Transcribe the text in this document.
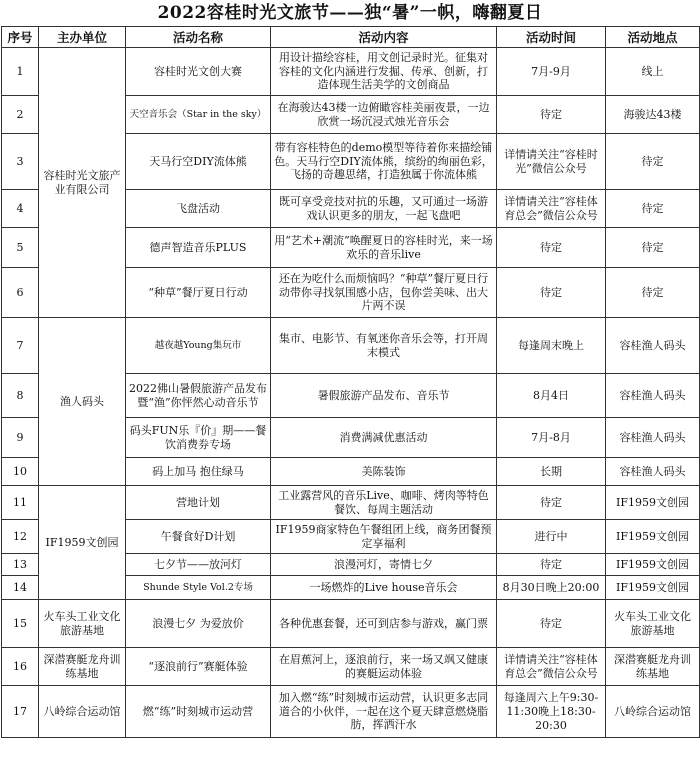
2022容桂时光文旅节——独“暑”一帜，嗨翻夏日
序号	主办单位	活动名称	活动内容	活动时间	活动地点
1	容桂时光文旅产业有限公司	容桂时光文创大赛	用设计描绘容桂，用文创记录时光。征集对容桂的文化内涵进行发掘、传承、创新，打造体现生活美学的文创商品	7月-9月	线上
2		天空音乐会（Star in the sky）	在海骏达43楼一边俯瞰容桂美丽夜景，一边欣赏一场沉浸式烛光音乐会	待定	海骏达43楼
3		天马行空DIY流体熊	带有容桂特色的demo模型等待着你来描绘铺色。天马行空DIY流体熊，缤纷的绚丽色彩，飞扬的奇趣思绪，打造独属于你流体熊	详情请关注“容桂时光”微信公众号	待定
4		飞盘活动	既可享受竞技对抗的乐趣，又可通过一场游戏认识更多的朋友，一起飞盘吧	详情请关注“容桂体育总会”微信公众号	待定
5		德声智造音乐PLUS	用“艺术+潮流”唤醒夏日的容桂时光，来一场欢乐的音乐live	待定	待定
6		“种草”餐厅夏日行动	还在为吃什么而烦恼吗？“种草”餐厅夏日行动带你寻找氛围感小店，包你尝美味、出大片两不误	待定	待定
7	渔人码头	越夜越Young集玩市	集市、电影节、有氧迷你音乐会等，打开周末模式	每逢周末晚上	容桂渔人码头
8		2022佛山暑假旅游产品发布 暨“渔”你怦然心动音乐节	暑假旅游产品发布、音乐节	8月4日	容桂渔人码头
9		码头FUN乐『价』期——餐饮消费券专场	消费满减优惠活动	7月-8月	容桂渔人码头
10		码上加马 抱住绿马	美陈装饰	长期	容桂渔人码头
11	IF1959文创园	营地计划	工业露营风的音乐Live、咖啡、烤肉等特色餐饮、每周主题活动	待定	IF1959文创园
12		午餐食好D计划	IF1959商家特色午餐组团上线，商务团餐预定享福利	进行中	IF1959文创园
13		七夕节——放河灯	浪漫河灯，寄情七夕	待定	IF1959文创园
14		Shunde Style Vol.2专场	一场燃炸的Live house音乐会	8月30日晚上20:00	IF1959文创园
15	火车头工业文化旅游基地	浪漫七夕 为爱放价	各种优惠套餐，还可到店参与游戏，赢门票	待定	火车头工业文化旅游基地
16	深潜赛艇龙舟训练基地	“逐浪前行”赛艇体验	在眉蕉河上，逐浪前行，来一场又飒又健康的赛艇运动体验	详情请关注“容桂体育总会”微信公众号	深潜赛艇龙舟训练基地
17	八岭综合运动馆	燃“练”时刻城市运动营	加入燃“练”时刻城市运动营，认识更多志同道合的小伙伴，一起在这个夏天肆意燃烧脂肪，挥洒汗水	每逢周六上午9:30-11:30晚上18:30-20:30	八岭综合运动馆
